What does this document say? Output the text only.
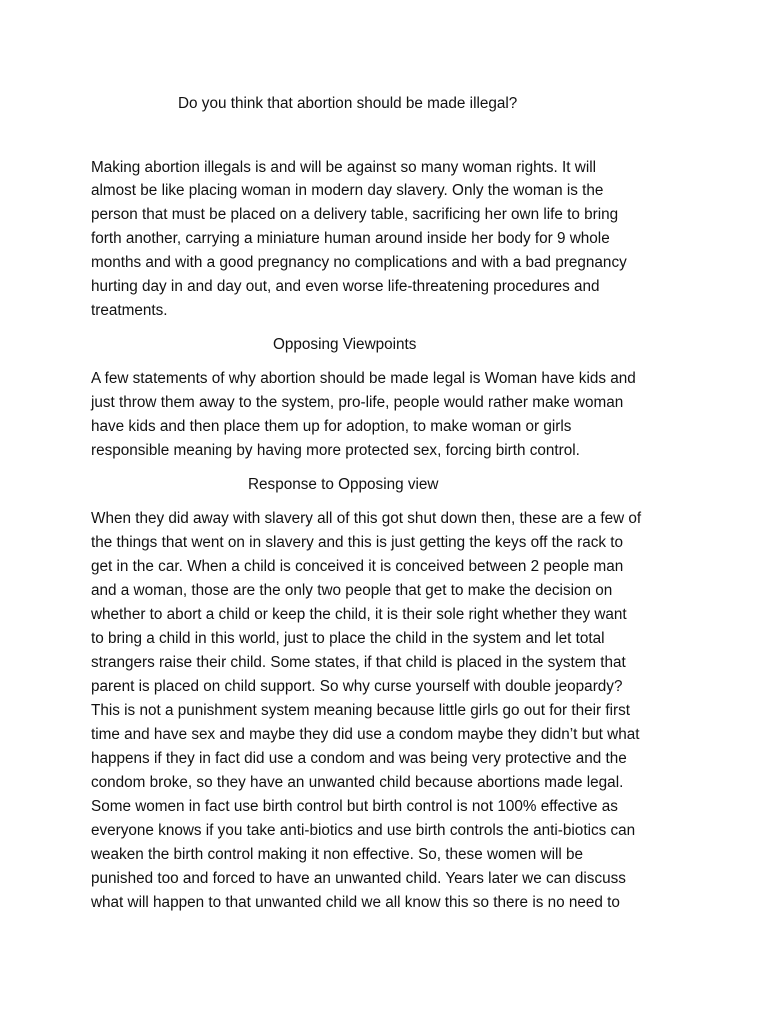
Do you think that abortion should be made illegal?
Making abortion illegals is and will be against so many woman rights. It will
almost be like placing woman in modern day slavery. Only the woman is the
person that must be placed on a delivery table, sacrificing her own life to bring
forth another, carrying a miniature human around inside her body for 9 whole
months and with a good pregnancy no complications and with a bad pregnancy
hurting day in and day out, and even worse life-threatening procedures and
treatments.
Opposing Viewpoints
A few statements of why abortion should be made legal is Woman have kids and
just throw them away to the system, pro-life, people would rather make woman
have kids and then place them up for adoption, to make woman or girls
responsible meaning by having more protected sex, forcing birth control.
Response to Opposing view
When they did away with slavery all of this got shut down then, these are a few of
the things that went on in slavery and this is just getting the keys off the rack to
get in the car. When a child is conceived it is conceived between 2 people man
and a woman, those are the only two people that get to make the decision on
whether to abort a child or keep the child, it is their sole right whether they want
to bring a child in this world, just to place the child in the system and let total
strangers raise their child. Some states, if that child is placed in the system that
parent is placed on child support. So why curse yourself with double jeopardy?
This is not a punishment system meaning because little girls go out for their first
time and have sex and maybe they did use a condom maybe they didn’t but what
happens if they in fact did use a condom and was being very protective and the
condom broke, so they have an unwanted child because abortions made legal.
Some women in fact use birth control but birth control is not 100% effective as
everyone knows if you take anti-biotics and use birth controls the anti-biotics can
weaken the birth control making it non effective. So, these women will be
punished too and forced to have an unwanted child. Years later we can discuss
what will happen to that unwanted child we all know this so there is no need to
